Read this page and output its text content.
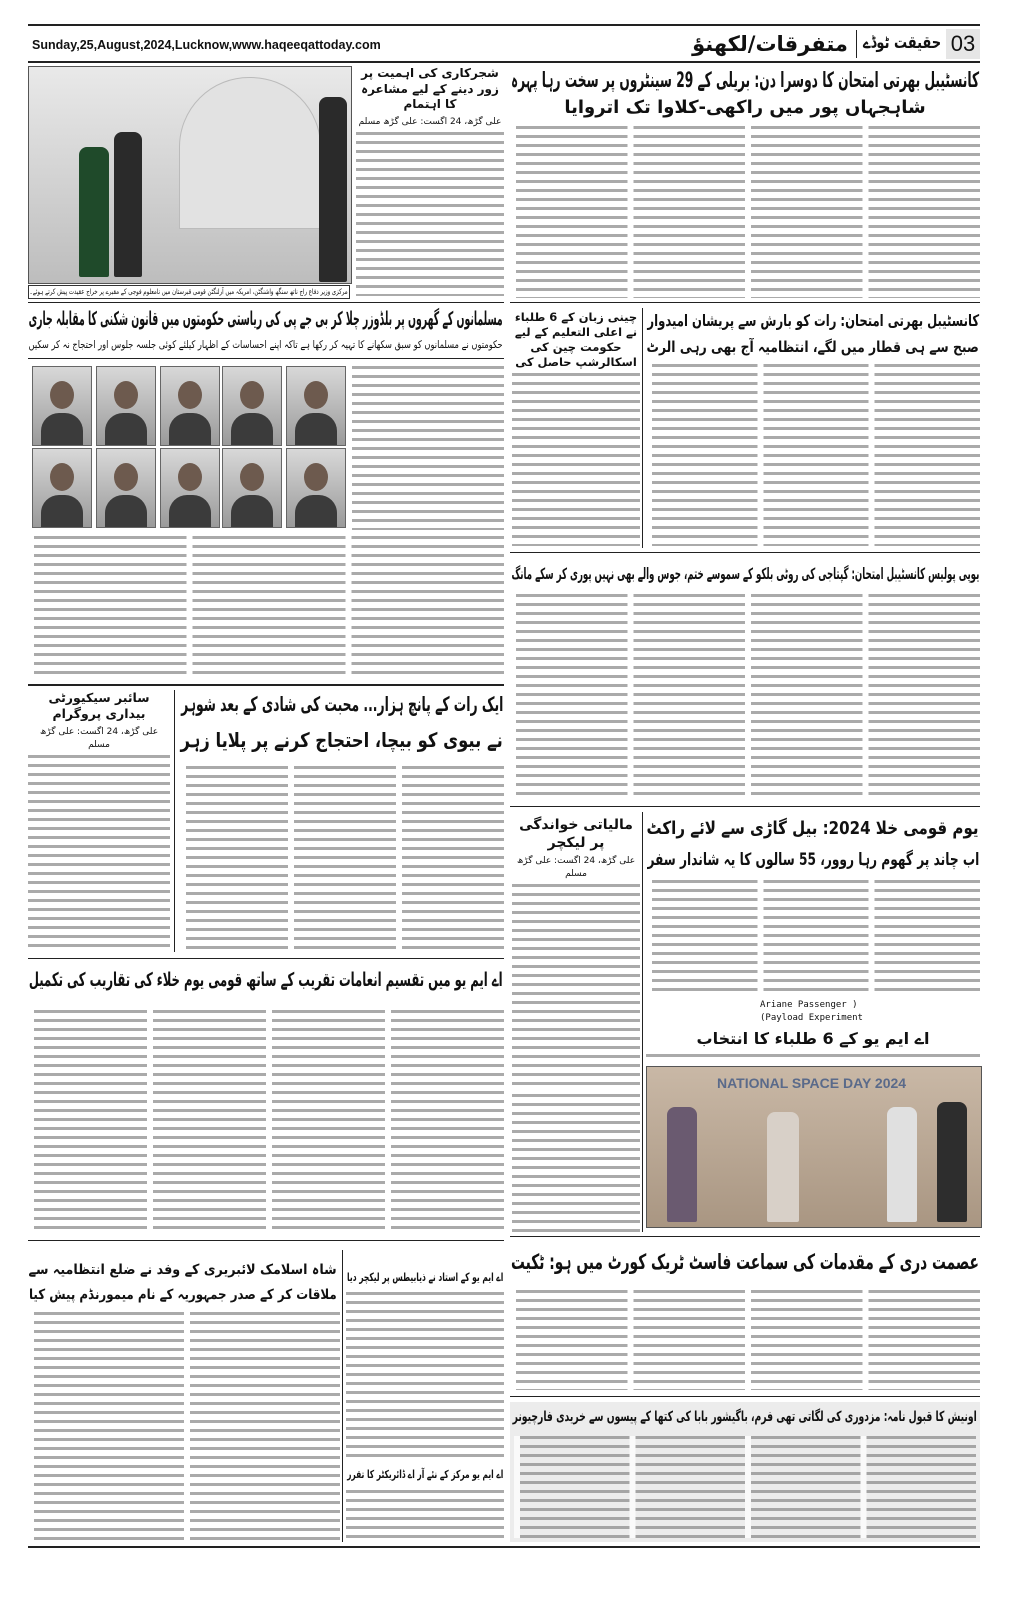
Sunday,25,August,2024,Lucknow,www.haqeeqattoday.com	03
حقیقت ٹوڈے
متفرقات/لکھنؤ
مرکزی وزیر دفاع راج ناتھ سنگھ واشنگٹن، امریکہ میں آرلنگٹن قومی قبرستان میں نامعلوم فوجی کے مقبرے پر خراج عقیدت پیش کرتے ہوئے۔
شجرکاری کی اہمیت پر زور دینے کے لیے مشاعرہ کا اہتمام
علی گڑھ، 24 اگست: علی گڑھ مسلم
کانسٹیبل بھرتی امتحان کا دوسرا دن: بریلی کے 29 سینٹروں پر سخت رہا پہرہ
شاہجہاں پور میں راکھی-کلاوا تک اتروایا
مسلمانوں کے گھروں پر بلڈوزر چلا کر بی جے پی کی ریاستی حکومتوں میں قانون شکنی کا مقابلہ جاری
حکومتوں نے مسلمانوں کو سبق سکھانے کا تہیہ کر رکھا ہے تاکہ اپنے احساسات کے اظہار کیلئے کوئی جلسہ جلوس اور احتجاج نہ کر سکیں
چینی زبان کے 6 طلباء نے اعلی التعلیم کے لیے حکومت چین کی اسکالرشپ حاصل کی
کانسٹیبل بھرتی امتحان: رات کو بارش سے پریشان امیدوار
صبح سے ہی قطار میں لگے، انتظامیہ آج بھی رہی الرٹ
یوپی پولیس کانسٹیبل امتحان: گپتاجی کی روٹی بلکو کے سموسے ختم، جوس والے بھی نہیں پوری کر سکے مانگ
سائبر سیکیورٹی بیداری پروگرام
علی گڑھ، 24 اگست: علی گڑھ مسلم
ایک رات کے پانچ ہزار... محبت کی شادی کے بعد شوہر
نے بیوی کو بیچا، احتجاج کرنے پر پلایا زہر
مالیاتی خواندگی پر لیکچر
علی گڑھ، 24 اگست: علی گڑھ مسلم
یوم قومی خلا 2024: بیل گاڑی سے لائے راکٹ
اب چاند پر گھوم رہا روور، 55 سالوں کا یہ شاندار سفر
Ariane Passenger )
(Payload Experiment
اے ایم یو میں تقسیم انعامات تقریب کے ساتھ قومی یوم خلاء کی تقاریب کی تکمیل
اے ایم یو کے 6 طلباء کا انتخاب
NATIONAL SPACE DAY 2024
عصمت دری کے مقدمات کی سماعت فاسٹ ٹریک کورٹ میں ہو: ٹکیت
شاہ اسلامک لائبریری کے وفد نے ضلع انتظامیہ سے
ملاقات کر کے صدر جمہوریہ کے نام میمورنڈم پیش کیا
اے ایم یو کے استاد نے ذیابیطس پر لیکچر دیا
اے ایم یو مرکز کے نئے آر اے ڈائریکٹر کا تقرر
اونیش کا قبول نامہ: مزدوری کی لگاتی تھی فرم، باگیشور بابا کی کتھا کے پیسوں سے خریدی فارچیونر
